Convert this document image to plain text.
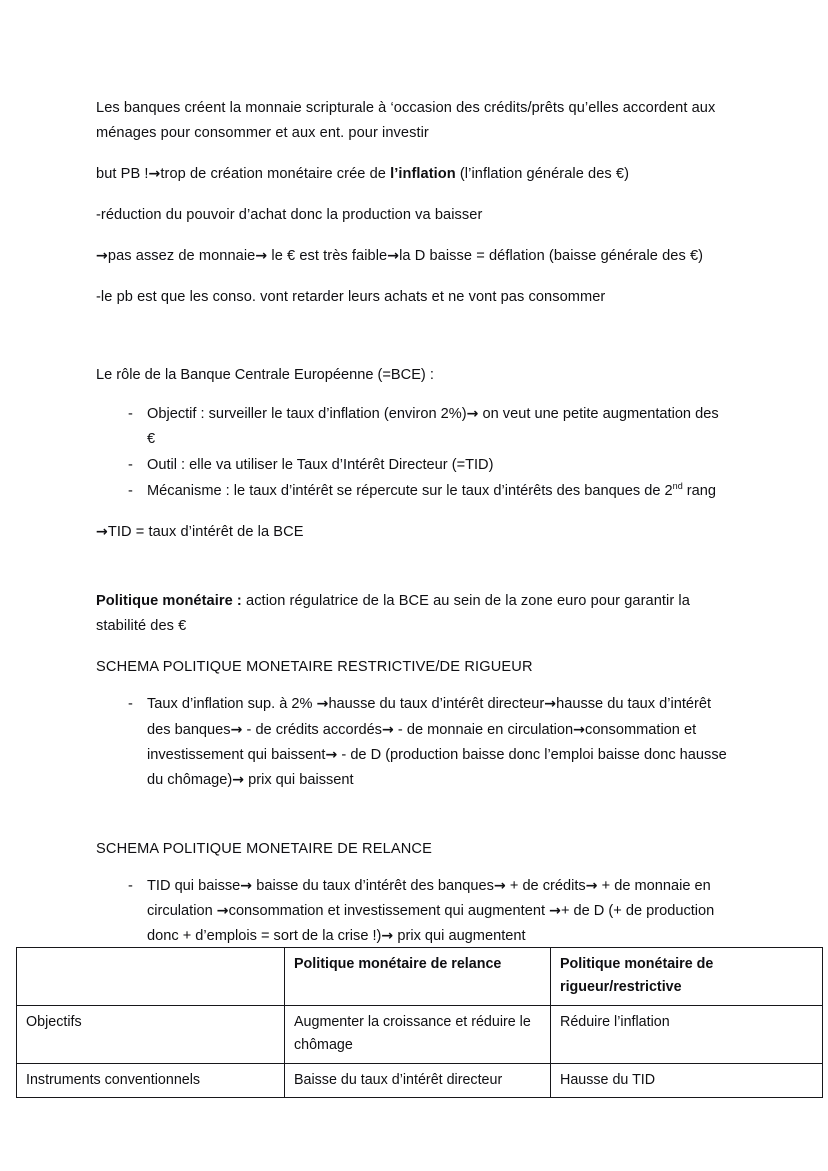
Les banques créent la monnaie scripturale à ‘occasion des crédits/prêts qu’elles accordent aux ménages pour consommer et aux ent. pour investir

but PB !→trop de création monétaire crée de l’inflation (l’inflation générale des €)

-réduction du pouvoir d’achat donc la production va baisser

→pas assez de monnaie→ le € est très faible→la D baisse = déflation (baisse générale des €)

-le pb est que les conso. vont retarder leurs achats et ne vont pas consommer

Le rôle de la Banque Centrale Européenne (=BCE) :

- Objectif : surveiller le taux d’inflation (environ 2%)→ on veut une petite augmentation des €
- Outil : elle va utiliser le Taux d’Intérêt Directeur (=TID)
- Mécanisme : le taux d’intérêt se répercute sur le taux d’intérêts des banques de 2nd rang

→TID = taux d’intérêt de la BCE

Politique monétaire : action régulatrice de la BCE au sein de la zone euro pour garantir la stabilité des €

SCHEMA POLITIQUE MONETAIRE RESTRICTIVE/DE RIGUEUR

- Taux d’inflation sup. à 2% →hausse du taux d’intérêt directeur→hausse du taux d’intérêt des banques→ - de crédits accordés→ - de monnaie en circulation→consommation et investissement qui baissent→ - de D (production baisse donc l’emploi baisse donc hausse du chômage)→ prix qui baissent

SCHEMA POLITIQUE MONETAIRE DE RELANCE

- TID qui baisse→ baisse du taux d’intérêt des banques→ + de crédits→ + de monnaie en circulation →consommation et investissement qui augmentent →+ de D (+ de production donc + d’emplois = sort de la crise !)→ prix qui augmentent
	Politique monétaire de relance	Politique monétaire de rigueur/restrictive
Objectifs	Augmenter la croissance et réduire le chômage	Réduire l’inflation
Instruments conventionnels	Baisse du taux d’intérêt directeur	Hausse du TID
